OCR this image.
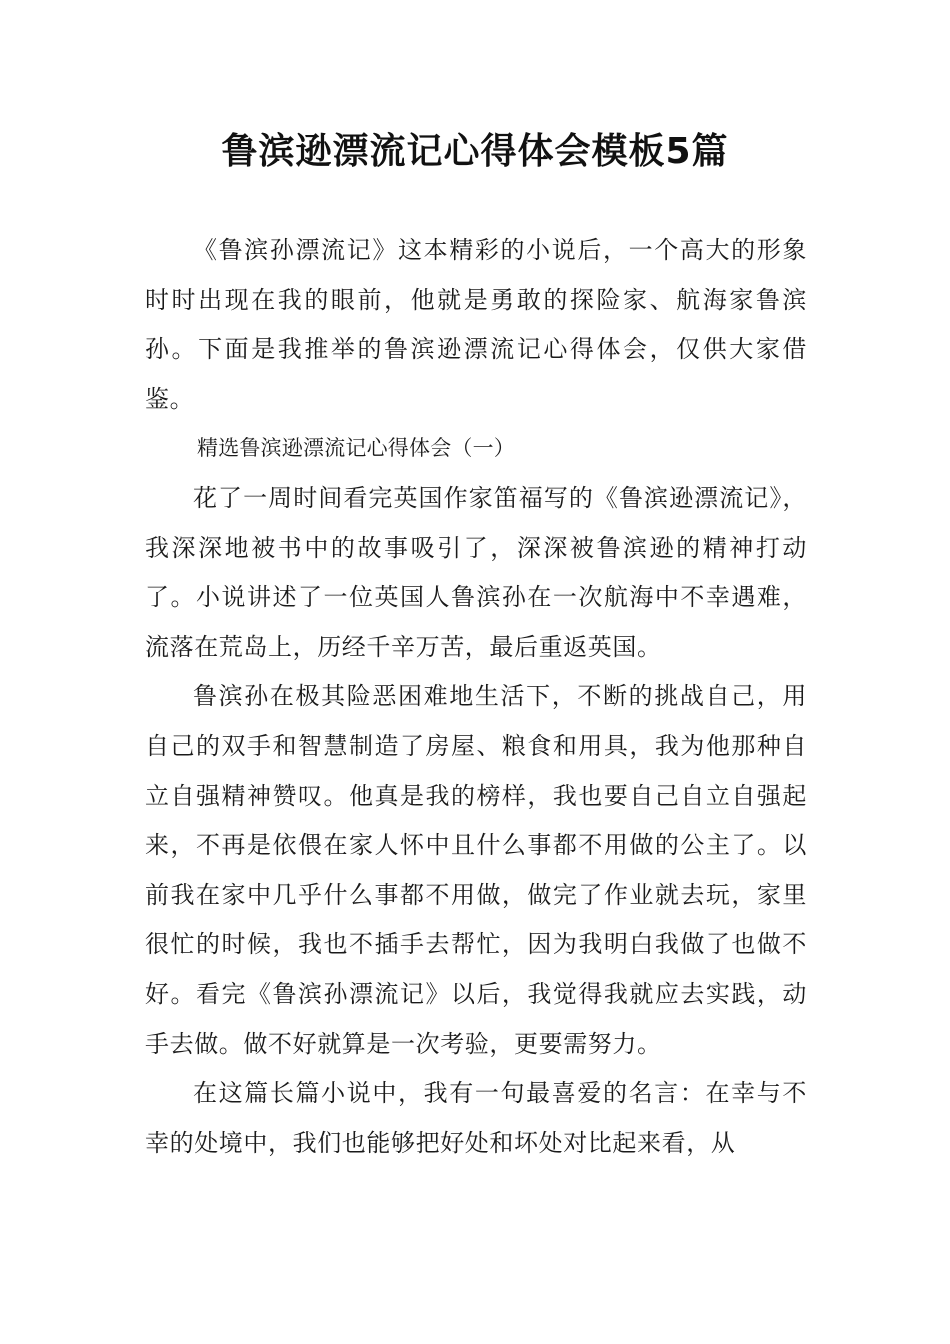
鲁滨逊漂流记心得体会模板5篇

《鲁滨孙漂流记》这本精彩的小说后，一个高大的形象时时出现在我的眼前，他就是勇敢的探险家、航海家鲁滨孙。下面是我推举的鲁滨逊漂流记心得体会，仅供大家借鉴。

精选鲁滨逊漂流记心得体会（一）

花了一周时间看完英国作家笛福写的《鲁滨逊漂流记》，我深深地被书中的故事吸引了，深深被鲁滨逊的精神打动了。小说讲述了一位英国人鲁滨孙在一次航海中不幸遇难，流落在荒岛上，历经千辛万苦，最后重返英国。

鲁滨孙在极其险恶困难地生活下，不断的挑战自己，用自己的双手和智慧制造了房屋、粮食和用具，我为他那种自立自强精神赞叹。他真是我的榜样，我也要自己自立自强起来，不再是依偎在家人怀中且什么事都不用做的公主了。以前我在家中几乎什么事都不用做，做完了作业就去玩，家里很忙的时候，我也不插手去帮忙，因为我明白我做了也做不好。看完《鲁滨孙漂流记》以后，我觉得我就应去实践，动手去做。做不好就算是一次考验，更要需努力。

在这篇长篇小说中，我有一句最喜爱的名言：在幸与不幸的处境中，我们也能够把好处和坏处对比起来看，从
